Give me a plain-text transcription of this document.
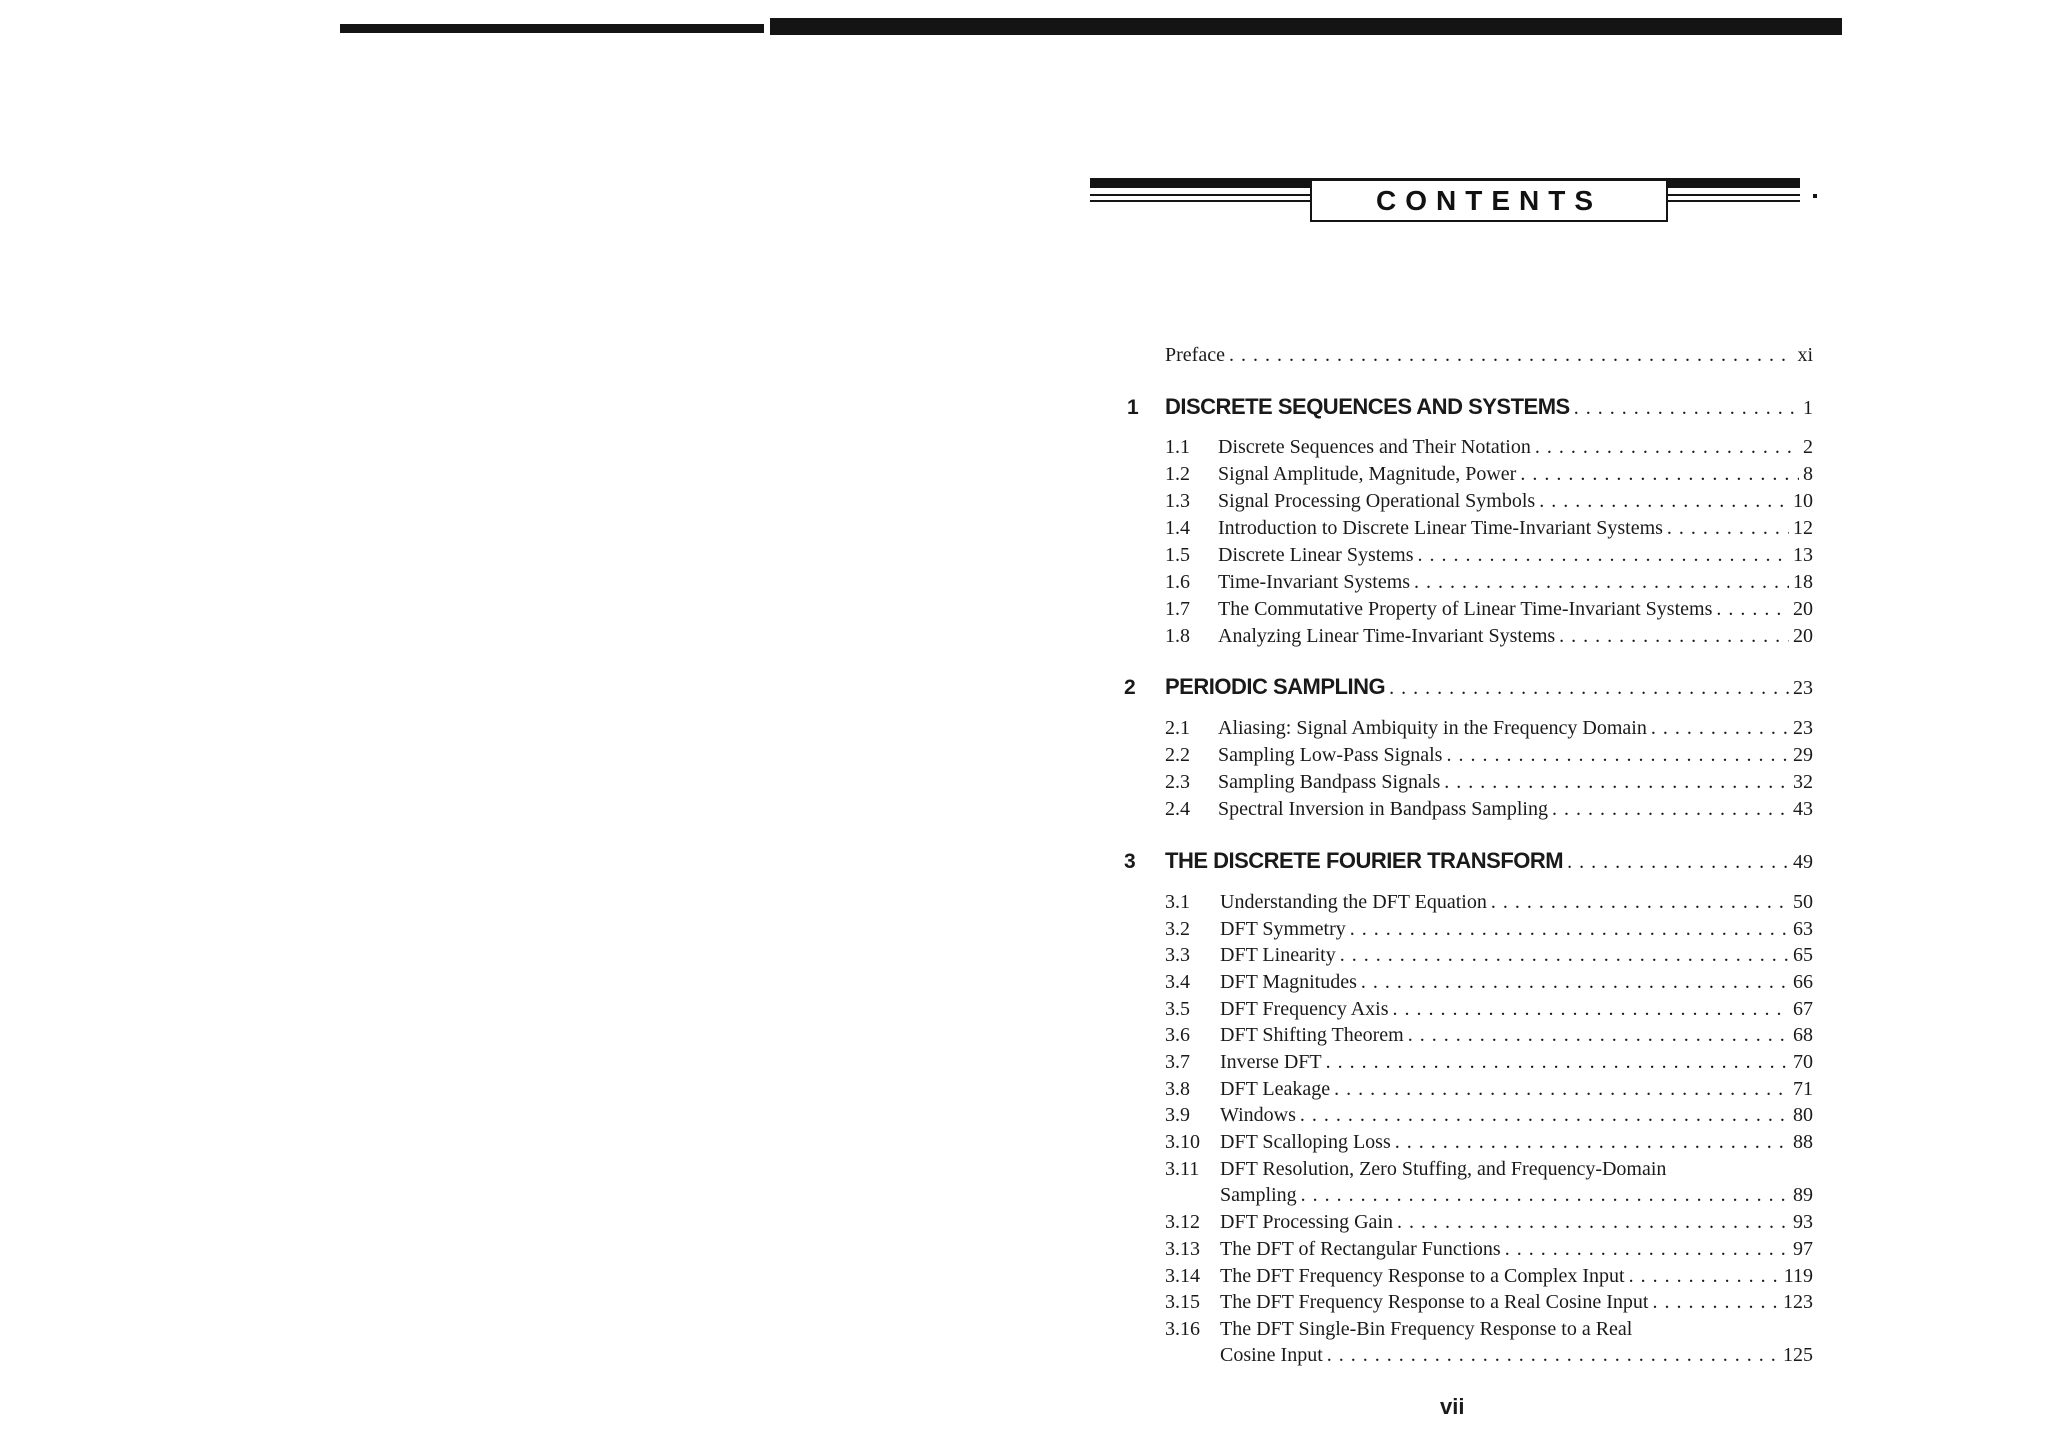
CONTENTS
Preface . . .	xi
1 DISCRETE SEQUENCES AND SYSTEMS . . .	1
1.1 Discrete Sequences and Their Notation . . .	2
1.2 Signal Amplitude, Magnitude, Power . . .	8
1.3 Signal Processing Operational Symbols . . .	10
1.4 Introduction to Discrete Linear Time-Invariant Systems . . .	12
1.5 Discrete Linear Systems . . .	13
1.6 Time-Invariant Systems . . .	18
1.7 The Commutative Property of Linear Time-Invariant Systems . . .	20
1.8 Analyzing Linear Time-Invariant Systems . . .	20
2 PERIODIC SAMPLING . . .	23
2.1 Aliasing: Signal Ambiquity in the Frequency Domain . . .	23
2.2 Sampling Low-Pass Signals . . .	29
2.3 Sampling Bandpass Signals . . .	32
2.4 Spectral Inversion in Bandpass Sampling . . .	43
3 THE DISCRETE FOURIER TRANSFORM . . .	49
3.1 Understanding the DFT Equation . . .	50
3.2 DFT Symmetry . . .	63
3.3 DFT Linearity . . .	65
3.4 DFT Magnitudes . . .	66
3.5 DFT Frequency Axis . . .	67
3.6 DFT Shifting Theorem . . .	68
3.7 Inverse DFT . . .	70
3.8 DFT Leakage . . .	71
3.9 Windows . . .	80
3.10 DFT Scalloping Loss . . .	88
3.11 DFT Resolution, Zero Stuffing, and Frequency-Domain
Sampling . . .	89
3.12 DFT Processing Gain . . .	93
3.13 The DFT of Rectangular Functions . . .	97
3.14 The DFT Frequency Response to a Complex Input . . .	119
3.15 The DFT Frequency Response to a Real Cosine Input . . .	123
3.16 The DFT Single-Bin Frequency Response to a Real
Cosine Input . . .	125
vii
